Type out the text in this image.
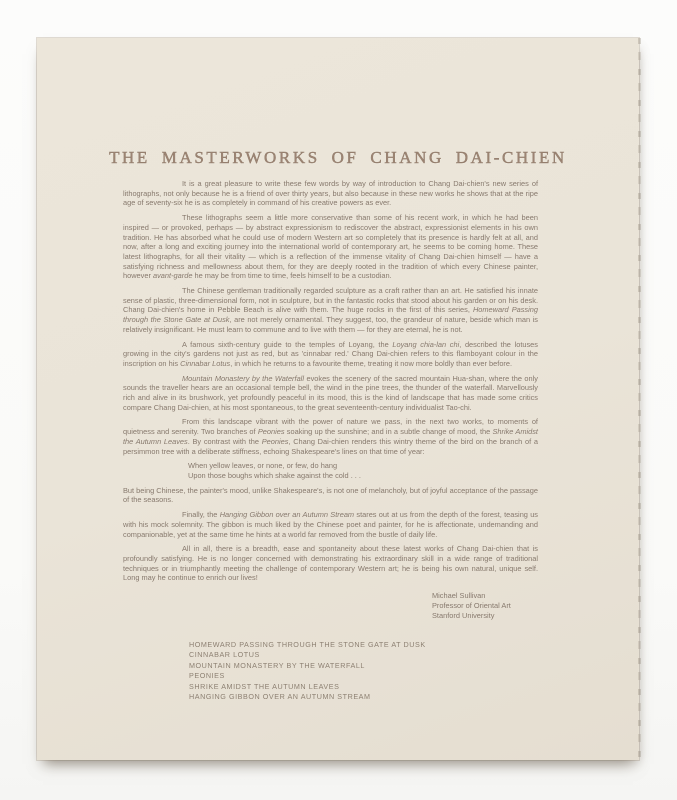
THE MASTERWORKS OF CHANG DAI-CHIEN

It is a great pleasure to write these few words by way of introduction to Chang Dai-chien's new series of lithographs, not only because he is a friend of over thirty years, but also because in these new works he shows that at the ripe age of seventy-six he is as completely in command of his creative powers as ever.

These lithographs seem a little more conservative than some of his recent work, in which he had been inspired — or provoked, perhaps — by abstract expressionism to rediscover the abstract, expressionist elements in his own tradition. He has absorbed what he could use of modern Western art so completely that its presence is hardly felt at all, and now, after a long and exciting journey into the international world of contemporary art, he seems to be coming home. These latest lithographs, for all their vitality — which is a reflection of the immense vitality of Chang Dai-chien himself — have a satisfying richness and mellowness about them, for they are deeply rooted in the tradition of which every Chinese painter, however avant-garde he may be from time to time, feels himself to be a custodian.

The Chinese gentleman traditionally regarded sculpture as a craft rather than an art. He satisfied his innate sense of plastic, three-dimensional form, not in sculpture, but in the fantastic rocks that stood about his garden or on his desk. Chang Dai-chien's home in Pebble Beach is alive with them. The huge rocks in the first of this series, Homeward Passing through the Stone Gate at Dusk, are not merely ornamental. They suggest, too, the grandeur of nature, beside which man is relatively insignificant. He must learn to commune and to live with them — for they are eternal, he is not.

A famous sixth-century guide to the temples of Loyang, the Loyang chia-lan chi, described the lotuses growing in the city's gardens not just as red, but as 'cinnabar red.' Chang Dai-chien refers to this flamboyant colour in the inscription on his Cinnabar Lotus, in which he returns to a favourite theme, treating it now more boldly than ever before.

Mountain Monastery by the Waterfall evokes the scenery of the sacred mountain Hua-shan, where the only sounds the traveller hears are an occasional temple bell, the wind in the pine trees, the thunder of the waterfall. Marvellously rich and alive in its brushwork, yet profoundly peaceful in its mood, this is the kind of landscape that has made some critics compare Chang Dai-chien, at his most spontaneous, to the great seventeenth-century individualist Tao-chi.

From this landscape vibrant with the power of nature we pass, in the next two works, to moments of quietness and serenity. Two branches of Peonies soaking up the sunshine; and in a subtle change of mood, the Shrike Amidst the Autumn Leaves. By contrast with the Peonies, Chang Dai-chien renders this wintry theme of the bird on the branch of a persimmon tree with a deliberate stiffness, echoing Shakespeare's lines on that time of year:

When yellow leaves, or none, or few, do hang
Upon those boughs which shake against the cold . . .

But being Chinese, the painter's mood, unlike Shakespeare's, is not one of melancholy, but of joyful acceptance of the passage of the seasons.

Finally, the Hanging Gibbon over an Autumn Stream stares out at us from the depth of the forest, teasing us with his mock solemnity. The gibbon is much liked by the Chinese poet and painter, for he is affectionate, undemanding and companionable, yet at the same time he hints at a world far removed from the bustle of daily life.

All in all, there is a breadth, ease and spontaneity about these latest works of Chang Dai-chien that is profoundly satisfying. He is no longer concerned with demonstrating his extraordinary skill in a wide range of traditional techniques or in triumphantly meeting the challenge of contemporary Western art; he is being his own natural, unique self. Long may he continue to enrich our lives!

Michael Sullivan
Professor of Oriental Art
Stanford University
HOMEWARD PASSING THROUGH THE STONE GATE AT DUSK
CINNABAR LOTUS
MOUNTAIN MONASTERY BY THE WATERFALL
PEONIES
SHRIKE AMIDST THE AUTUMN LEAVES
HANGING GIBBON OVER AN AUTUMN STREAM
